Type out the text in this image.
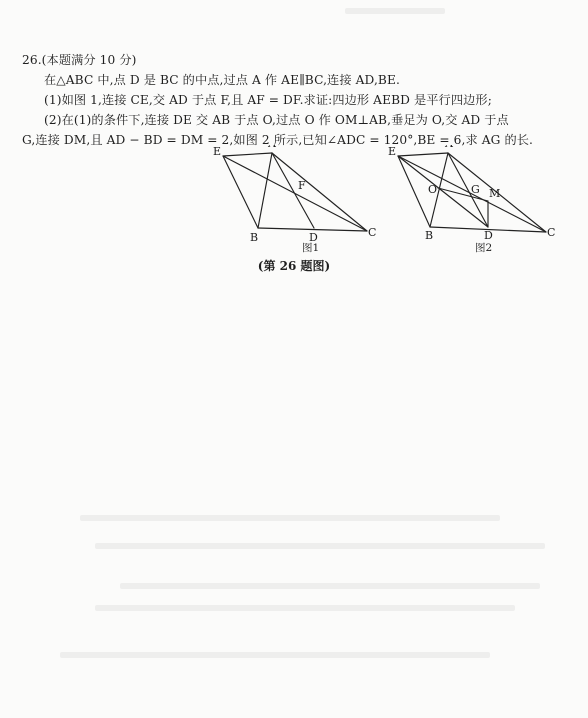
26.(本题满分 10 分)
在△ABC 中,点 D 是 BC 的中点,过点 A 作 AE∥BC,连接 AD,BE.
(1)如图 1,连接 CE,交 AD 于点 F,且 AF = DF.求证:四边形 AEBD 是平行四边形;
(2)在(1)的条件下,连接 DE 交 AB 于点 O,过点 O 作 OM⊥AB,垂足为 O,交 AD 于点
G,连接 DM,且 AD − BD = DM = 2,如图 2 所示,已知∠ADC = 120°,BE = 6,求 AG 的长.
E
F
B	D	C
图1
E
O	G M
B	D	C
图2
(第 26 题图)
